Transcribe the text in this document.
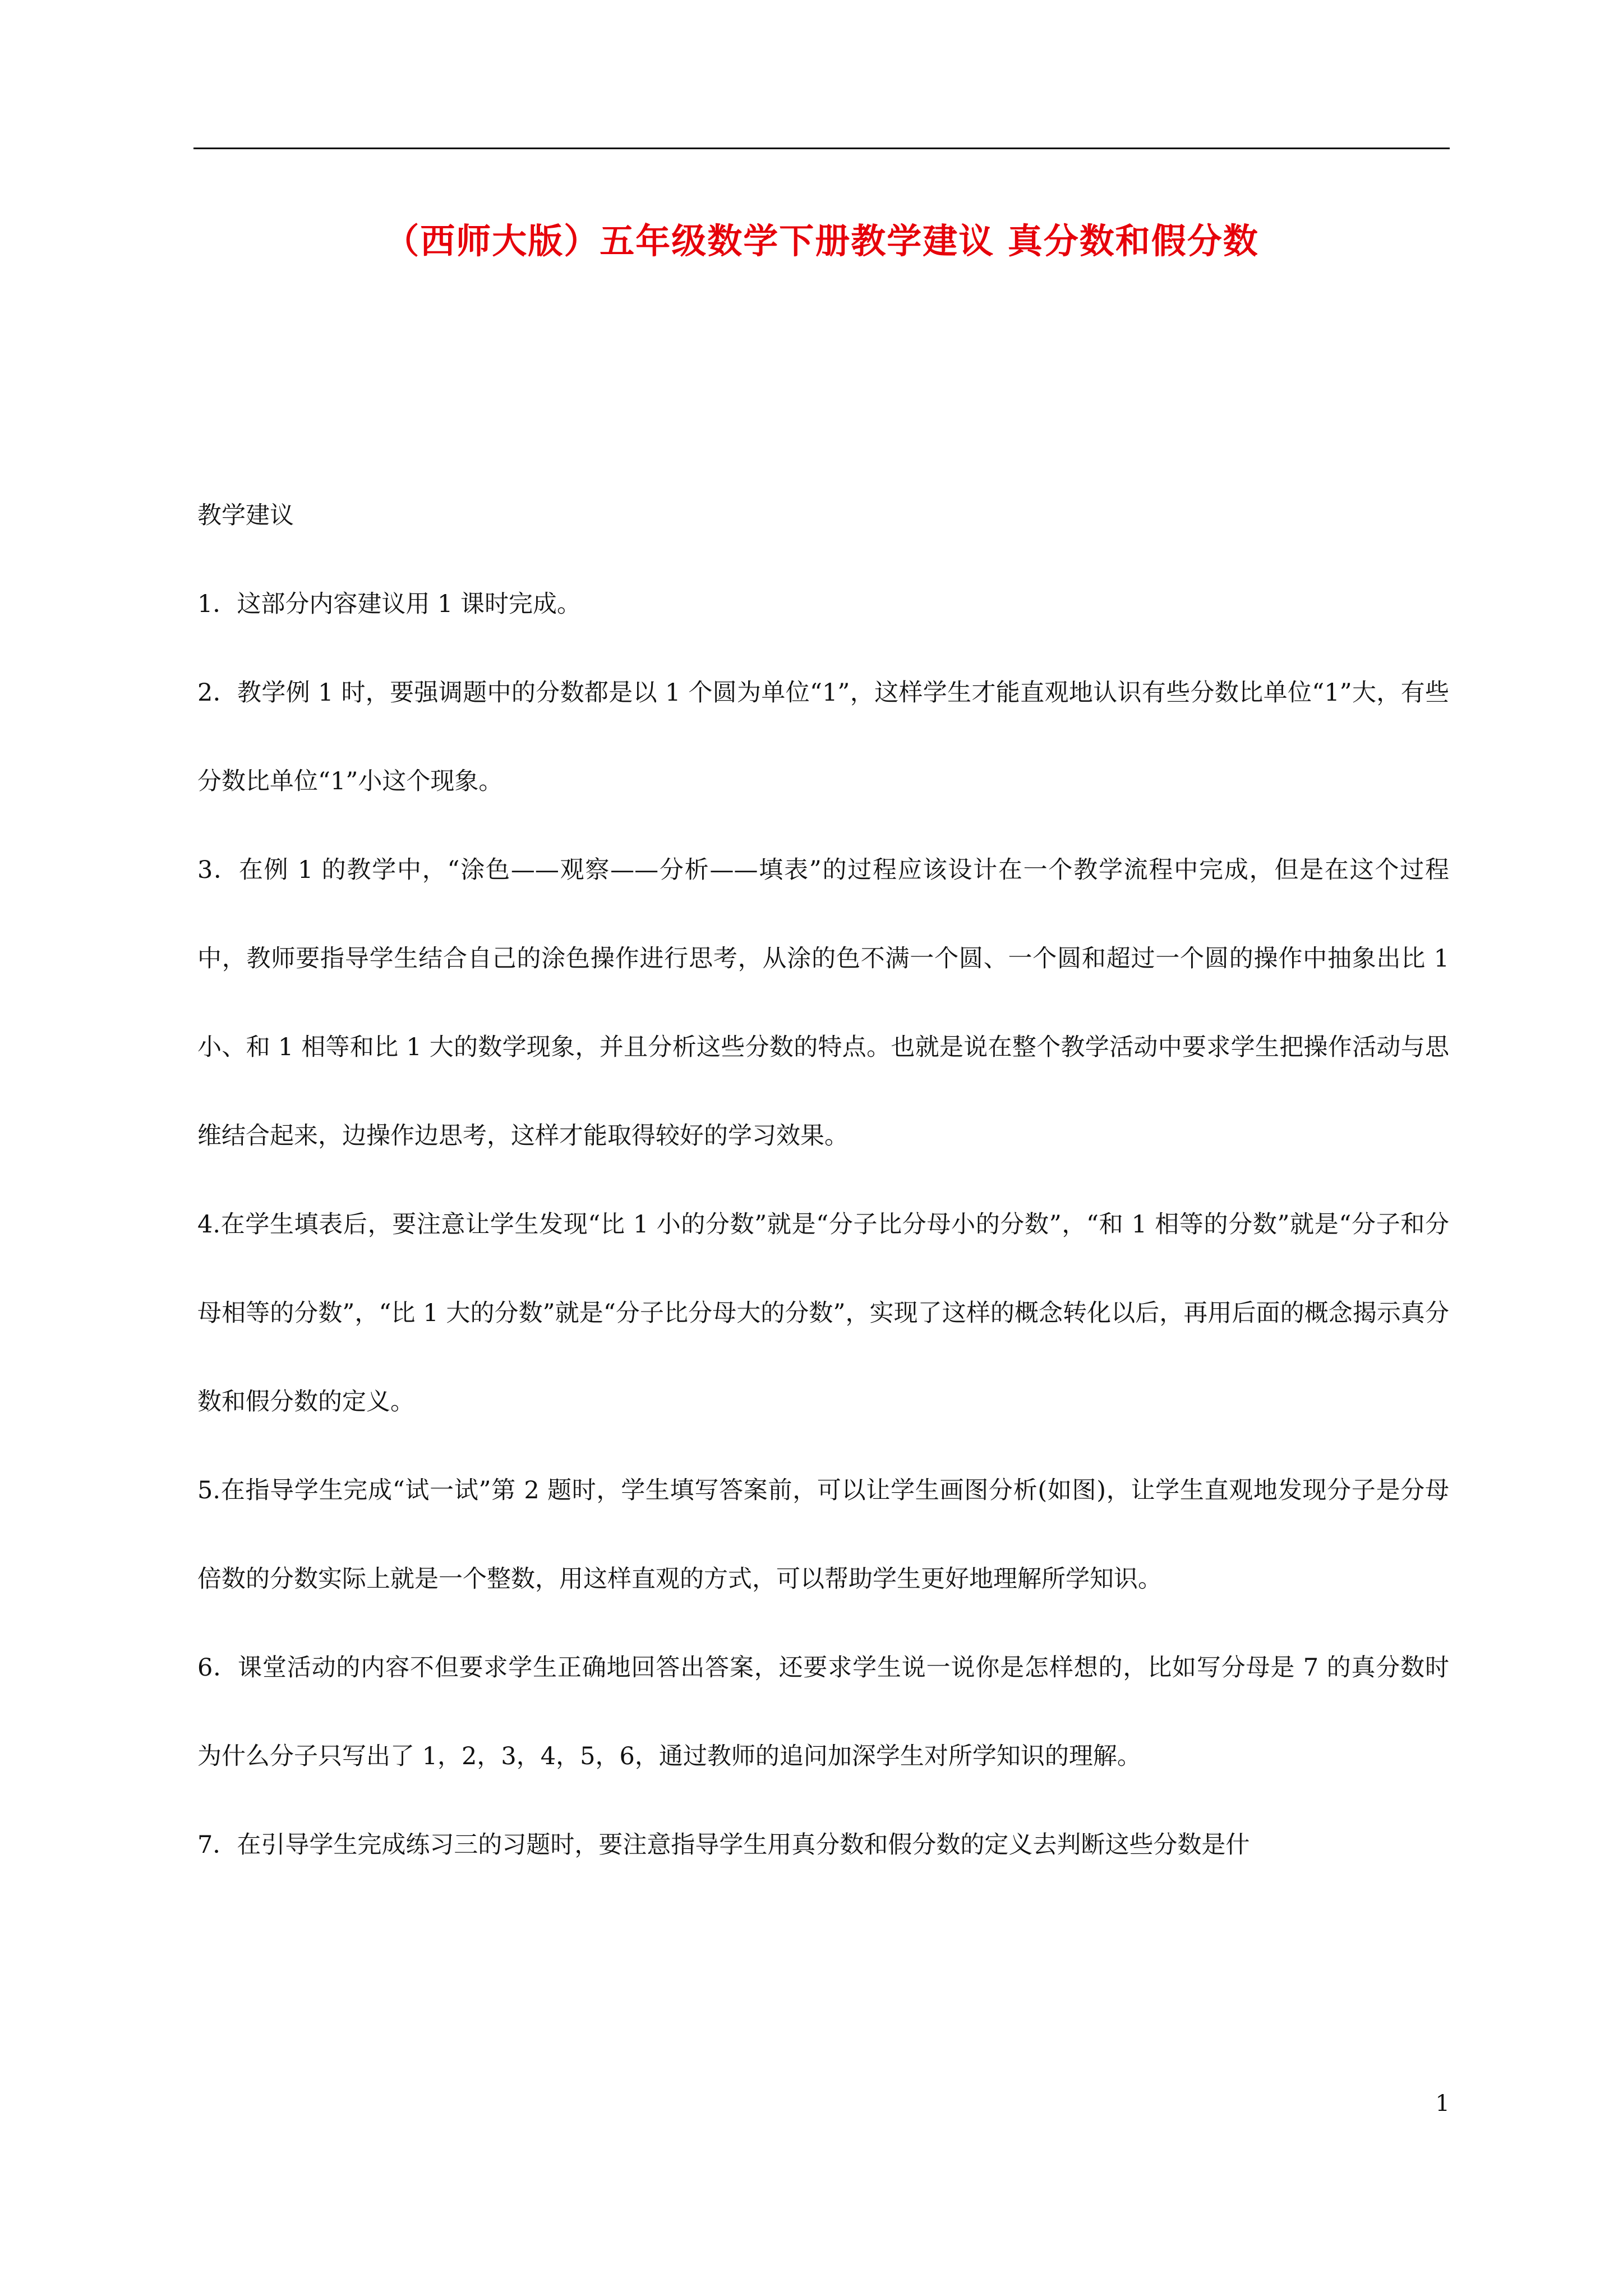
（西师大版）五年级数学下册教学建议 真分数和假分数

教学建议

1．这部分内容建议用 1 课时完成。

2．教学例 1 时，要强调题中的分数都是以 1 个圆为单位“1”，这样学生才能直观地认识有些分数比单位“1”大，有些分数比单位“1”小这个现象。

3．在例 1 的教学中，“涂色——观察——分析——填表”的过程应该设计在一个教学流程中完成，但是在这个过程中，教师要指导学生结合自己的涂色操作进行思考，从涂的色不满一个圆、一个圆和超过一个圆的操作中抽象出比 1 小、和 1 相等和比 1 大的数学现象，并且分析这些分数的特点。也就是说在整个教学活动中要求学生把操作活动与思维结合起来，边操作边思考，这样才能取得较好的学习效果。

4.在学生填表后，要注意让学生发现“比 1 小的分数”就是“分子比分母小的分数”，“和 1 相等的分数”就是“分子和分母相等的分数”，“比 1 大的分数”就是“分子比分母大的分数”，实现了这样的概念转化以后，再用后面的概念揭示真分数和假分数的定义。

5.在指导学生完成“试一试”第 2 题时，学生填写答案前，可以让学生画图分析(如图)，让学生直观地发现分子是分母倍数的分数实际上就是一个整数，用这样直观的方式，可以帮助学生更好地理解所学知识。

6．课堂活动的内容不但要求学生正确地回答出答案，还要求学生说一说你是怎样想的，比如写分母是 7 的真分数时为什么分子只写出了 1，2，3，4，5，6，通过教师的追问加深学生对所学知识的理解。

7．在引导学生完成练习三的习题时，要注意指导学生用真分数和假分数的定义去判断这些分数是什

1
